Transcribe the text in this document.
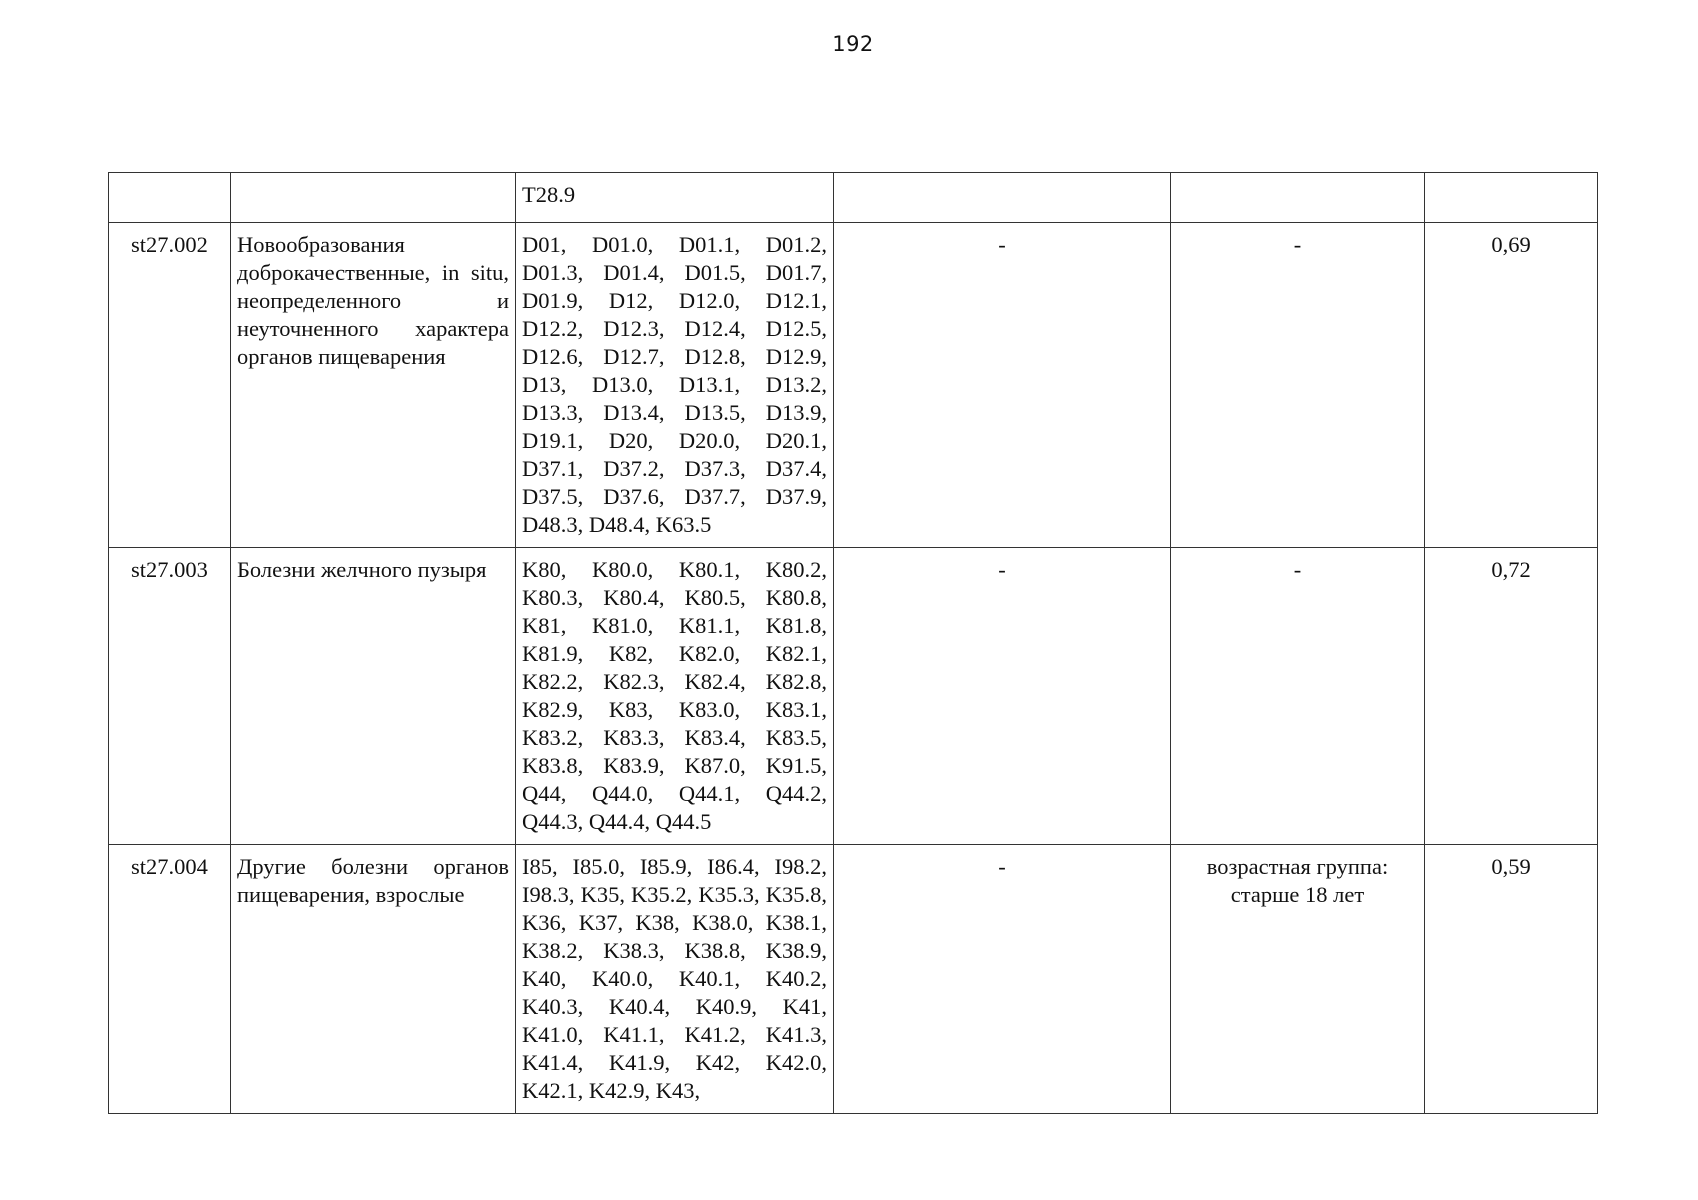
192
		T28.9			
st27.002	Новообразования доброкачественные, in situ, неопределенного и неуточненного характера органов пищеварения	D01, D01.0, D01.1, D01.2, D01.3, D01.4, D01.5, D01.7, D01.9, D12, D12.0, D12.1, D12.2, D12.3, D12.4, D12.5, D12.6, D12.7, D12.8, D12.9, D13, D13.0, D13.1, D13.2, D13.3, D13.4, D13.5, D13.9, D19.1, D20, D20.0, D20.1, D37.1, D37.2, D37.3, D37.4, D37.5, D37.6, D37.7, D37.9, D48.3, D48.4, K63.5	-	-	0,69
st27.003	Болезни желчного пузыря	K80, K80.0, K80.1, K80.2, K80.3, K80.4, K80.5, K80.8, K81, K81.0, K81.1, K81.8, K81.9, K82, K82.0, K82.1, K82.2, K82.3, K82.4, K82.8, K82.9, K83, K83.0, K83.1, K83.2, K83.3, K83.4, K83.5, K83.8, K83.9, K87.0, K91.5, Q44, Q44.0, Q44.1, Q44.2, Q44.3, Q44.4, Q44.5	-	-	0,72
st27.004	Другие болезни органов пищеварения, взрослые	I85, I85.0, I85.9, I86.4, I98.2, I98.3, K35, K35.2, K35.3, K35.8, K36, K37, K38, K38.0, K38.1, K38.2, K38.3, K38.8, K38.9, K40, K40.0, K40.1, K40.2, K40.3, K40.4, K40.9, K41, K41.0, K41.1, K41.2, K41.3, K41.4, K41.9, K42, K42.0, K42.1, K42.9, K43,	-	возрастная группа: старше 18 лет	0,59
